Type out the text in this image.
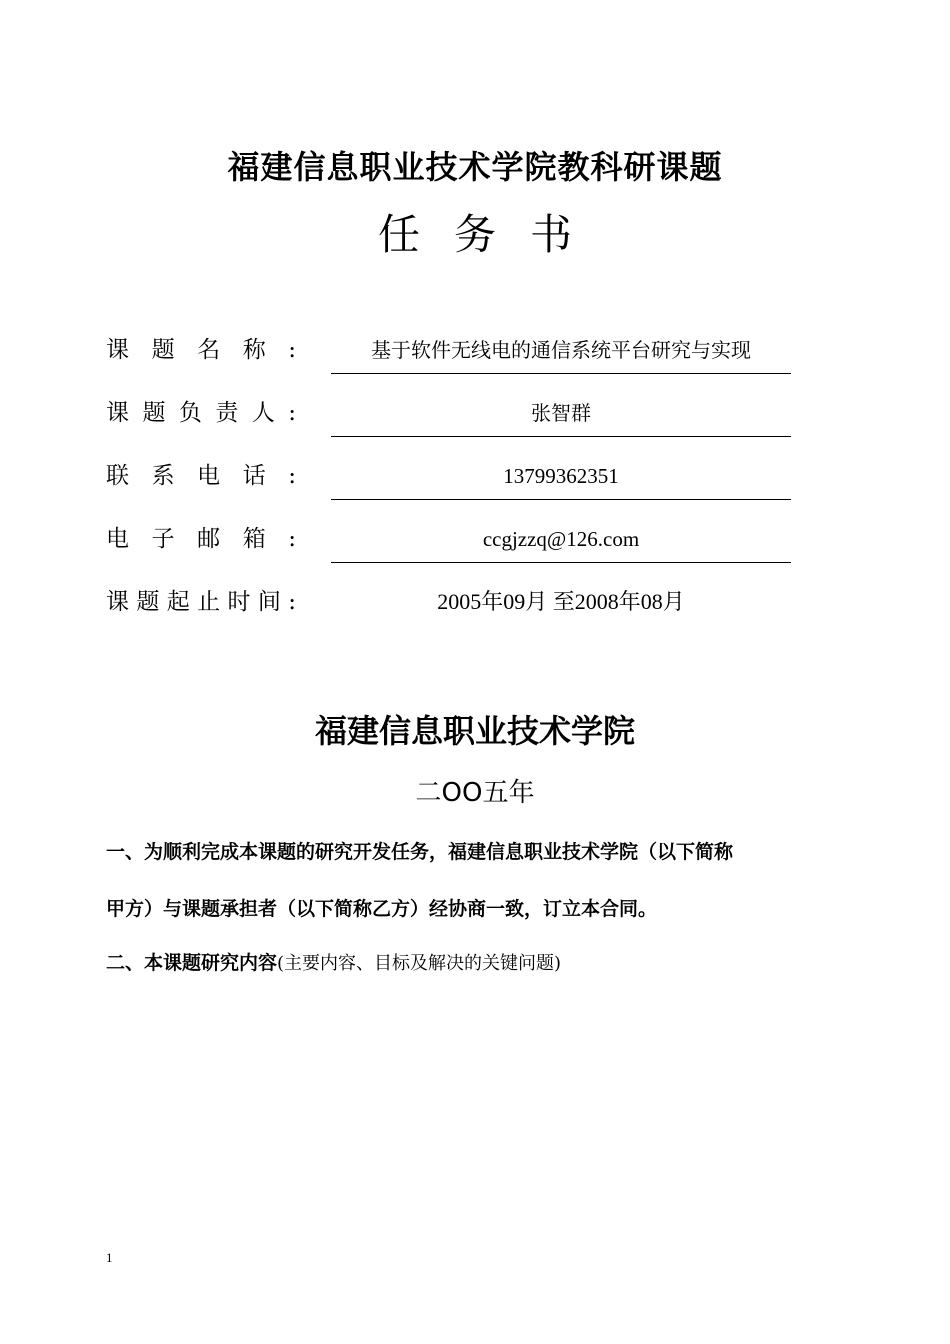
福建信息职业技术学院教科研课题
任务书
课 题 名 称 :	基于软件无线电的通信系统平台研究与实现
课 题 负 责 人 :	张智群
联 系 电 话 :	13799362351
电 子 邮 箱 :	ccgjzzq@126.com
课 题 起 止 时 间 :	2005年09月 至2008年08月
福建信息职业技术学院
二OO五年
一、为顺利完成本课题的研究开发任务，福建信息职业技术学院（以下简称
甲方）与课题承担者（以下简称乙方）经协商一致，订立本合同。
二、本课题研究内容(主要内容、目标及解决的关键问题)
1
